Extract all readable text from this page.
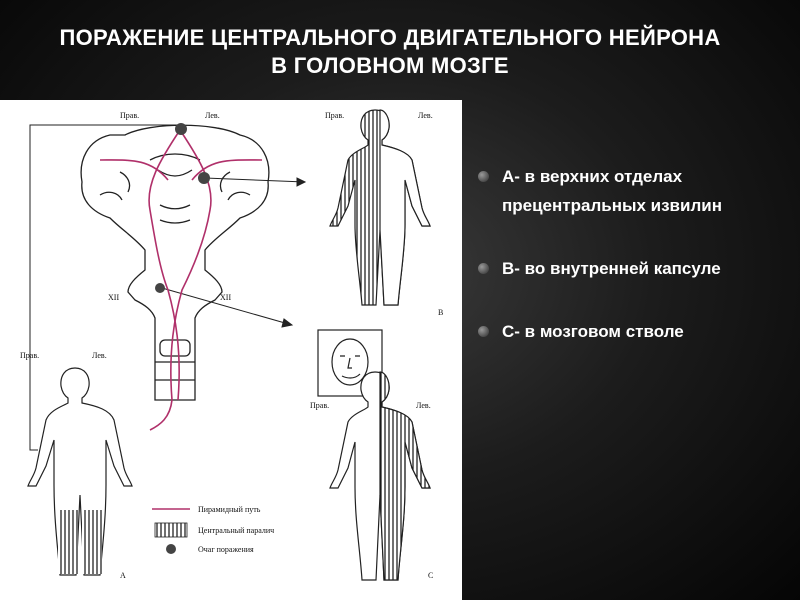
ПОРАЖЕНИЕ ЦЕНТРАЛЬНОГО ДВИГАТЕЛЬНОГО НЕЙРОНА
В ГОЛОВНОМ МОЗГЕ
Прав.	Лев.
XII	XII
Прав.	Лев.
В
Прав.	Лев.
А
Прав.	Лев.
С
Пирамидный путь
Центральный паралич
Очаг поражения
А- в верхних отделах прецентральных извилин
В- во внутренней капсуле
С- в мозговом стволе
